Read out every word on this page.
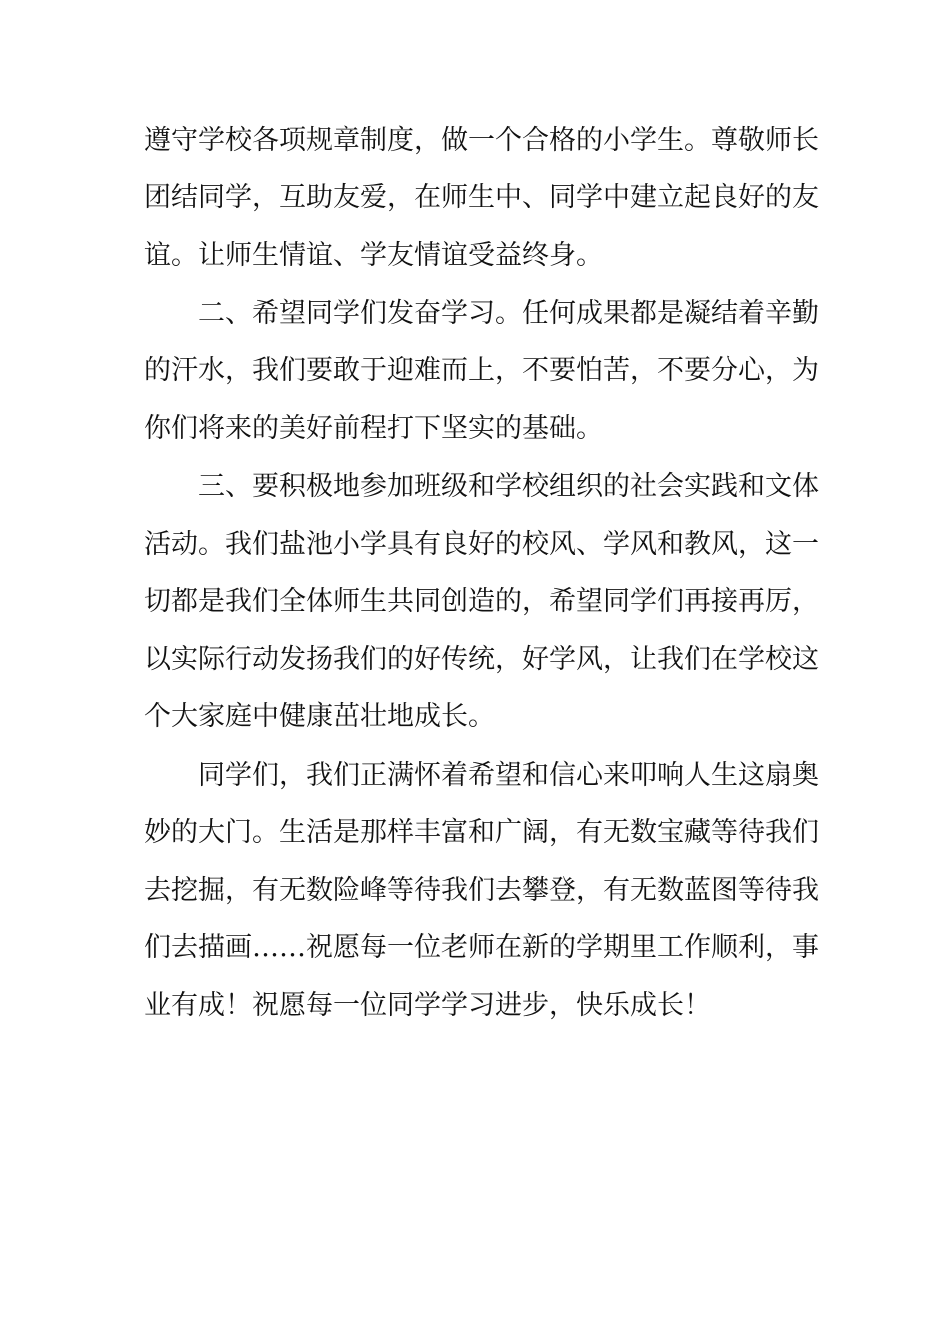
遵守学校各项规章制度，做一个合格的小学生。尊敬师长
团结同学，互助友爱，在师生中、同学中建立起良好的友
谊。让师生情谊、学友情谊受益终身。
二、希望同学们发奋学习。任何成果都是凝结着辛勤
的汗水，我们要敢于迎难而上，不要怕苦，不要分心，为
你们将来的美好前程打下坚实的基础。
三、要积极地参加班级和学校组织的社会实践和文体
活动。我们盐池小学具有良好的校风、学风和教风，这一
切都是我们全体师生共同创造的，希望同学们再接再厉，
以实际行动发扬我们的好传统，好学风，让我们在学校这
个大家庭中健康茁壮地成长。
同学们，我们正满怀着希望和信心来叩响人生这扇奥
妙的大门。生活是那样丰富和广阔，有无数宝藏等待我们
去挖掘，有无数险峰等待我们去攀登，有无数蓝图等待我
们去描画……祝愿每一位老师在新的学期里工作顺利，事
业有成！祝愿每一位同学学习进步，快乐成长！
